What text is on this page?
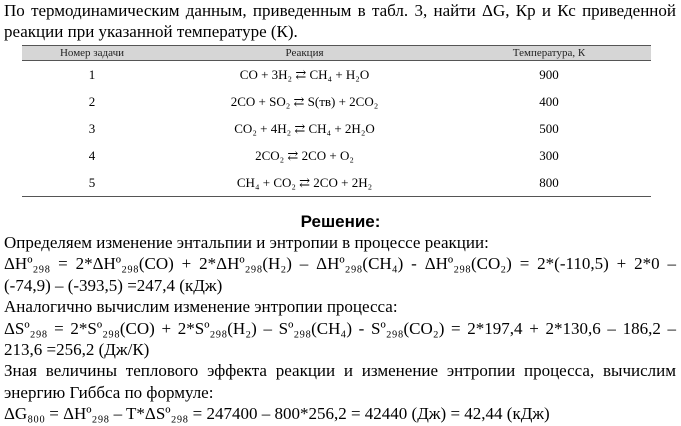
По термодинамическим данным, приведенным в табл. 3, найти ΔG, Кр и Кс приведенной реакции при указанной температуре (К).

Номер задачи	Реакция	Температура, К
1	CO + 3H₂ ⇄ CH₄ + H₂O	900
2	2CO + SO₂ ⇄ S(тв) + 2CO₂	400
3	CO₂ + 4H₂ ⇄ CH₄ + 2H₂O	500
4	2CO₂ ⇄ 2CO + O₂	300
5	CH₄ + CO₂ ⇄ 2CO + 2H₂	800
Решение:

Определяем изменение энтальпии и энтропии в процессе реакции:

ΔHº₂₉₈ = 2*ΔHº₂₉₈(CO) + 2*ΔHº₂₉₈(H₂) – ΔHº₂₉₈(CH₄) - ΔHº₂₉₈(CO₂) = 2*(-110,5) + 2*0 – (-74,9) – (-393,5) =247,4 (кДж)

Аналогично вычислим изменение энтропии процесса:

ΔSº₂₉₈ = 2*Sº₂₉₈(CO) + 2*Sº₂₉₈(H₂) – Sº₂₉₈(CH₄) - Sº₂₉₈(CO₂) = 2*197,4 + 2*130,6 – 186,2 – 213,6 =256,2 (Дж/К)

Зная величины теплового эффекта реакции и изменение энтропии процесса, вычислим энергию Гиббса по формуле:

ΔG₈₀₀ = ΔHº₂₉₈ – T*ΔSº₂₉₈ = 247400 – 800*256,2 = 42440 (Дж) = 42,44 (кДж)
